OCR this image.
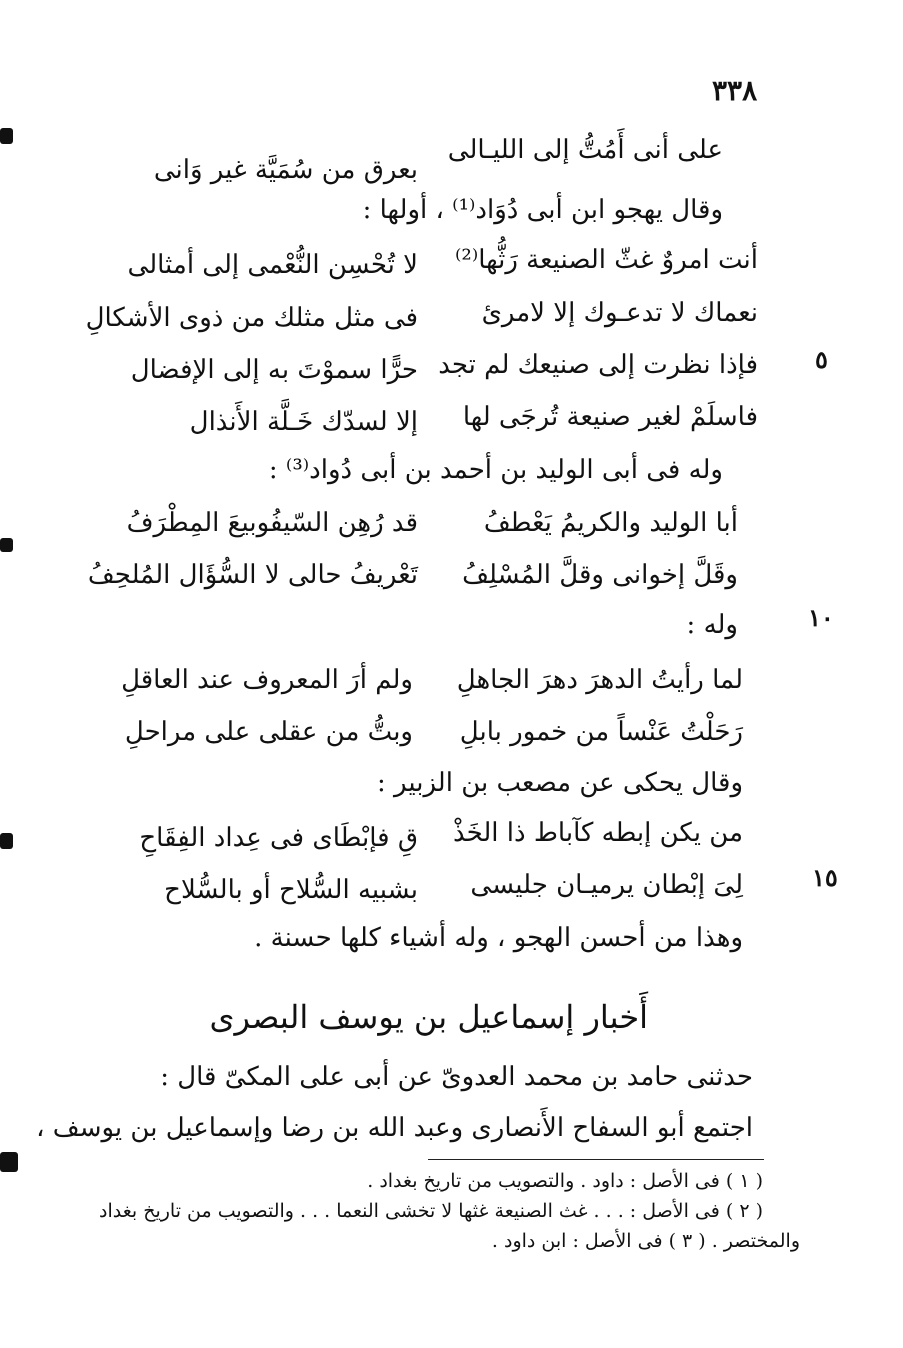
٣٣٨
على أنى أَمُتُّ إلى الليـالى
بعرق من سُمَيَّة غير وَانى
وقال يهجو ابن أبى دُوَاد⁽¹⁾ ، أولها :
أنت امروٌ غثّ الصنيعة رَثُّها⁽²⁾
لا تُحْسِن النُّعْمى إلى أمثالى
نعماك لا تدعـوك إلا لامرئ
فى مثل مثلك من ذوى الأشكالِ
٥
فإذا نظرت إلى صنيعك لم تجد
حرًّا سموْتَ به إلى الإفضال
فاسلَمْ لغير صنيعة تُرجَى لها
إلا لسدّك خَـلَّة الأَنذال
وله فى أبى الوليد بن أحمد بن أبى دُواد⁽³⁾ :
أبا الوليد والكريمُ يَعْطفُ
قد رُهِن السّيفُوبيعَ المِطْرَفُ
وقَلَّ إخوانى وقلَّ المُسْلِفُ
تَعْريفُ حالى لا السُّؤَال المُلحِفُ
١٠
وله :
لما رأيتُ الدهرَ دهرَ الجاهلِ
ولم أرَ المعروف عند العاقلِ
رَحَلْتُ عَنْساً من خمور بابلِ
وبتُّ من عقلى على مراحلِ
وقال يحكى عن مصعب بن الزبير :
من يكن إبطه كآباط ذا الخَذْ
قِ فإبْطَاى فى عِداد الفِقَاحِ
١٥
لِىَ إبْطان يرميـان جليسى
بشبيه السُّلاح أو بالسُّلاح
وهذا من أحسن الهجو ، وله أشياء كلها حسنة .
أَخبار إسماعيل بن يوسف البصرى
حدثنى حامد بن محمد العدوىّ عن أبى على المكىّ قال :
اجتمع أبو السفاح الأَنصارى وعبد الله بن رضا وإسماعيل بن يوسف ،
( ١ ) فى الأصل : داود . والتصويب من تاريخ بغداد .
( ٢ ) فى الأصل : . . . غث الصنيعة غثها لا تخشى النعما . . . والتصويب من تاريخ بغداد
والمختصر . ( ٣ ) فى الأصل : ابن داود .
